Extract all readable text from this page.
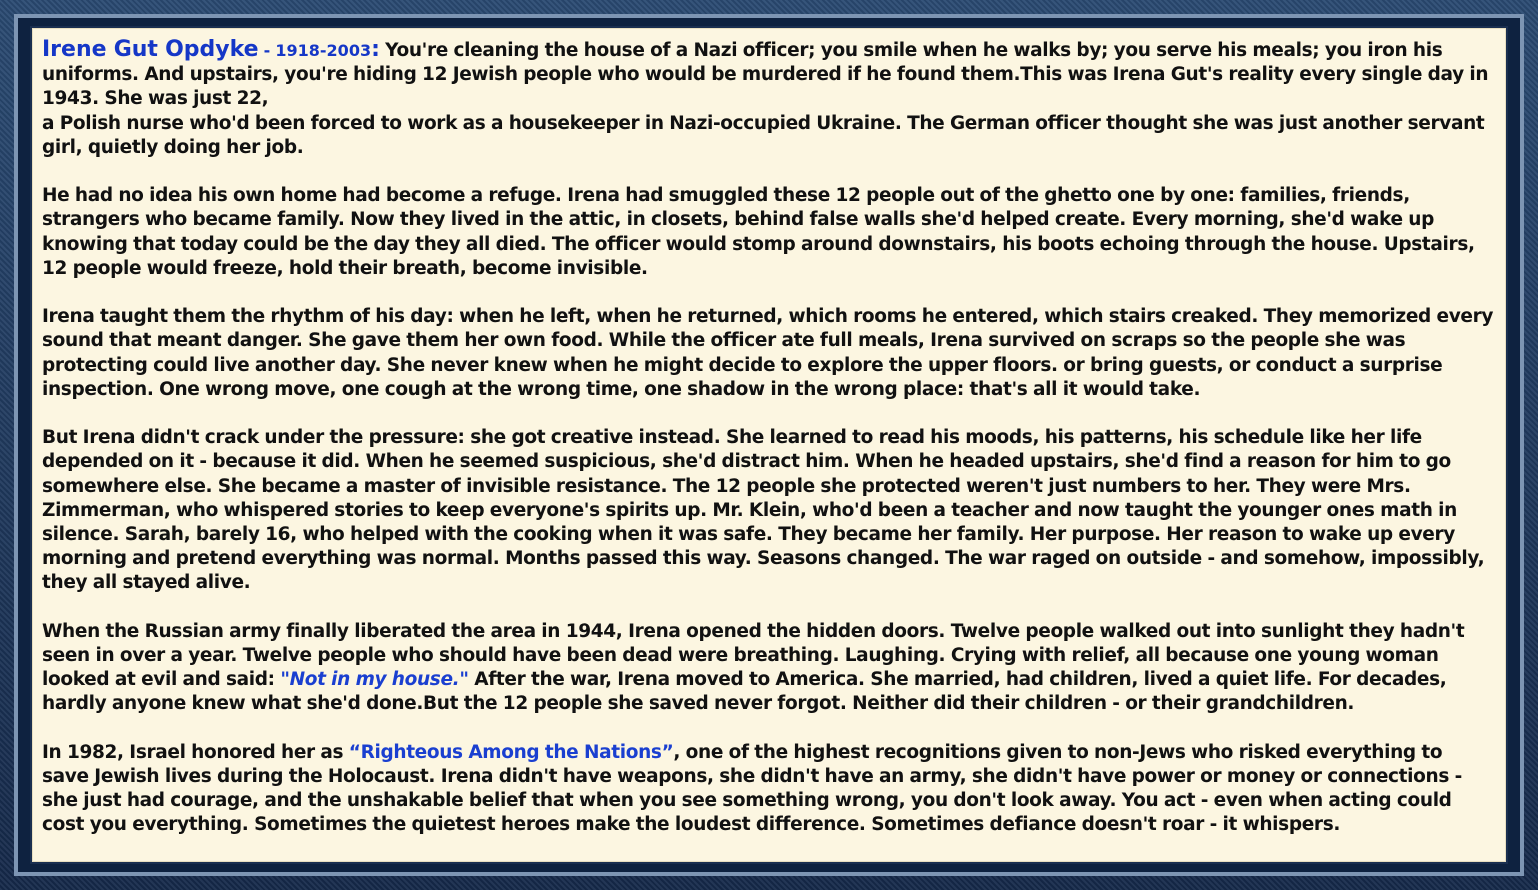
Irene Gut Opdyke - 1918-2003: You're cleaning the house of a Nazi officer; you smile when he walks by; you serve his meals; you iron his uniforms. And upstairs, you're hiding 12 Jewish people who would be murdered if he found them.This was Irena Gut's reality every single day in 1943. She was just 22,
a Polish nurse who'd been forced to work as a housekeeper in Nazi-occupied Ukraine. The German officer thought she was just another servant girl, quietly doing her job.

He had no idea his own home had become a refuge. Irena had smuggled these 12 people out of the ghetto one by one: families, friends, strangers who became family. Now they lived in the attic, in closets, behind false walls she'd helped create. Every morning, she'd wake up knowing that today could be the day they all died. The officer would stomp around downstairs, his boots echoing through the house. Upstairs, 12 people would freeze, hold their breath, become invisible.

Irena taught them the rhythm of his day: when he left, when he returned, which rooms he entered, which stairs creaked. They memorized every sound that meant danger. She gave them her own food. While the officer ate full meals, Irena survived on scraps so the people she was protecting could live another day. She never knew when he might decide to explore the upper floors. or bring guests, or conduct a surprise inspection. One wrong move, one cough at the wrong time, one shadow in the wrong place: that's all it would take.

But Irena didn't crack under the pressure: she got creative instead. She learned to read his moods, his patterns, his schedule like her life depended on it - because it did. When he seemed suspicious, she'd distract him. When he headed upstairs, she'd find a reason for him to go somewhere else. She became a master of invisible resistance. The 12 people she protected weren't just numbers to her. They were Mrs. Zimmerman, who whispered stories to keep everyone's spirits up. Mr. Klein, who'd been a teacher and now taught the younger ones math in silence. Sarah, barely 16, who helped with the cooking when it was safe. They became her family. Her purpose. Her reason to wake up every morning and pretend everything was normal. Months passed this way. Seasons changed. The war raged on outside - and somehow, impossibly, they all stayed alive.

When the Russian army finally liberated the area in 1944, Irena opened the hidden doors. Twelve people walked out into sunlight they hadn't seen in over a year. Twelve people who should have been dead were breathing. Laughing. Crying with relief, all because one young woman looked at evil and said: "Not in my house." After the war, Irena moved to America. She married, had children, lived a quiet life. For decades, hardly anyone knew what she'd done.But the 12 people she saved never forgot. Neither did their children - or their grandchildren.

In 1982, Israel honored her as “Righteous Among the Nations”, one of the highest recognitions given to non-Jews who risked everything to save Jewish lives during the Holocaust. Irena didn't have weapons, she didn't have an army, she didn't have power or money or connections - she just had courage, and the unshakable belief that when you see something wrong, you don't look away. You act - even when acting could cost you everything. Sometimes the quietest heroes make the loudest difference. Sometimes defiance doesn't roar - it whispers.
